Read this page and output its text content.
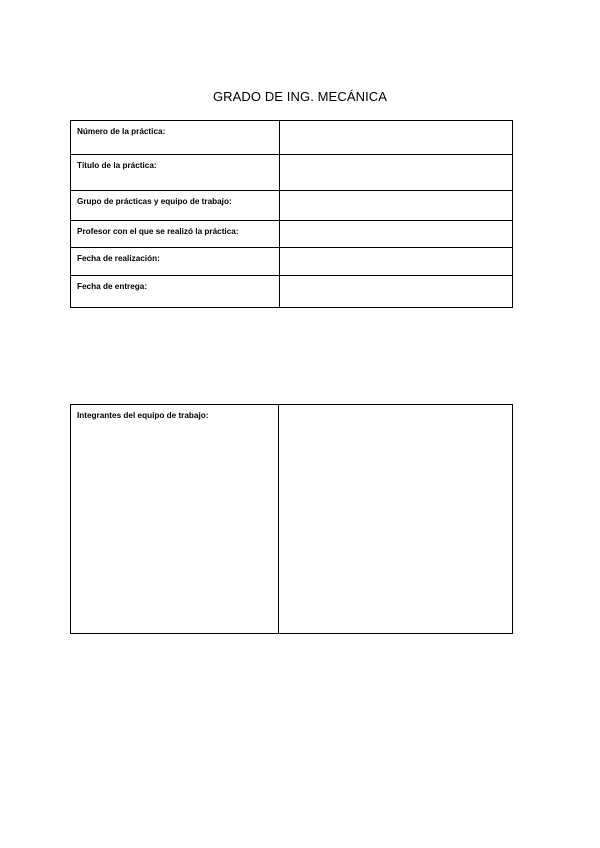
GRADO DE ING. MECÁNICA
Número de la práctica:	

Título de la práctica:	

Grupo de prácticas y equipo de trabajo:	

Profesor con el que se realizó la práctica:	

Fecha de realización:	

Fecha de entrega:	

Integrantes del equipo de trabajo:
